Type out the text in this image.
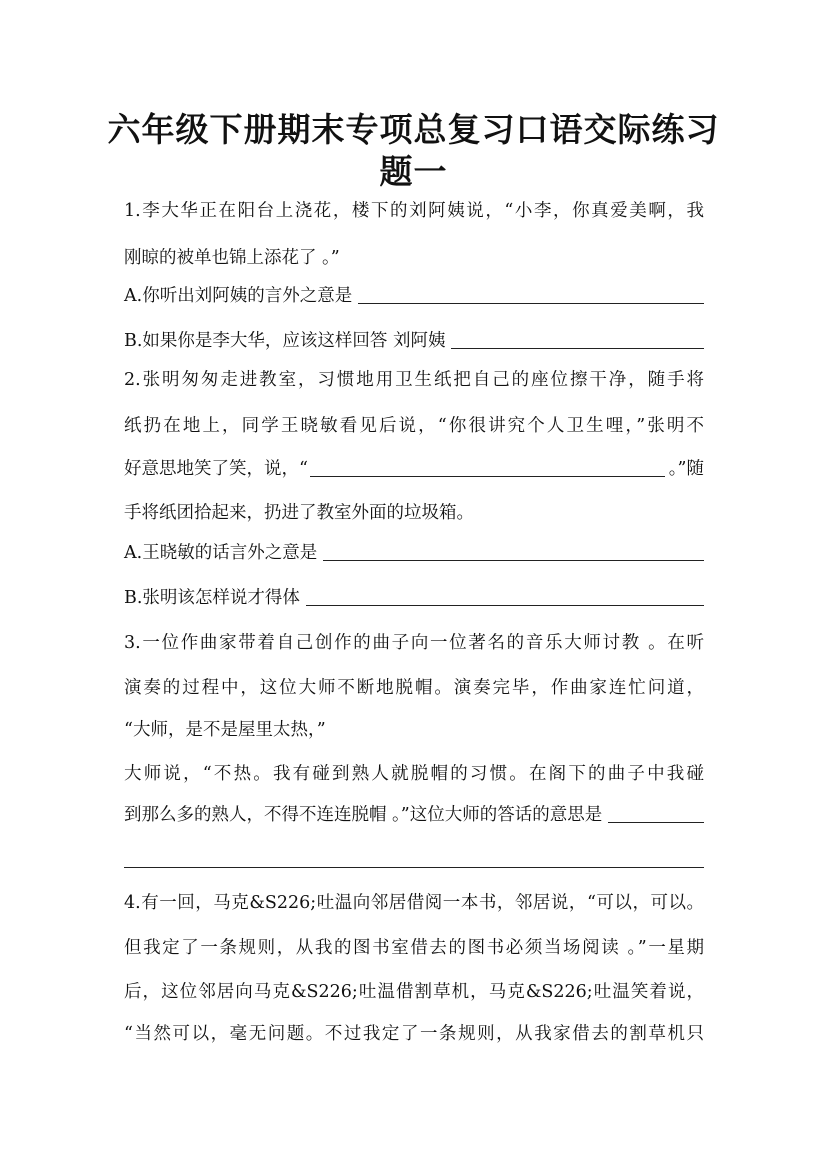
六年级下册期末专项总复习口语交际练习
题一
1.李大华正在阳台上浇花，楼下的刘阿姨说，“小李，你真爱美啊，我
刚晾的被单也锦上添花了 。”
A.你听出刘阿姨的言外之意是
B.如果你是李大华，应该这样回答 刘阿姨
2.张明匆匆走进教室，习惯地用卫生纸把自己的座位擦干净，随手将
纸扔在地上，同学王晓敏看见后说，“你很讲究个人卫生哩，”张明不
好意思地笑了笑，说，“	。”随
手将纸团拾起来，扔进了教室外面的垃圾箱。
A.王晓敏的话言外之意是
B.张明该怎样说才得体
3.一位作曲家带着自己创作的曲子向一位著名的音乐大师讨教 。在听
演奏的过程中，这位大师不断地脱帽。演奏完毕，作曲家连忙问道，
“大师，是不是屋里太热，”
大师说，“不热。我有碰到熟人就脱帽的习惯。在阁下的曲子中我碰
到那么多的熟人，不得不连连脱帽 。”这位大师的答话的意思是
4.有一回，马克&S226;吐温向邻居借阅一本书，邻居说，“可以，可以。
但我定了一条规则，从我的图书室借去的图书必须当场阅读 。”一星期
后，这位邻居向马克&S226;吐温借割草机，马克&S226;吐温笑着说，
“当然可以，毫无问题。不过我定了一条规则，从我家借去的割草机只
